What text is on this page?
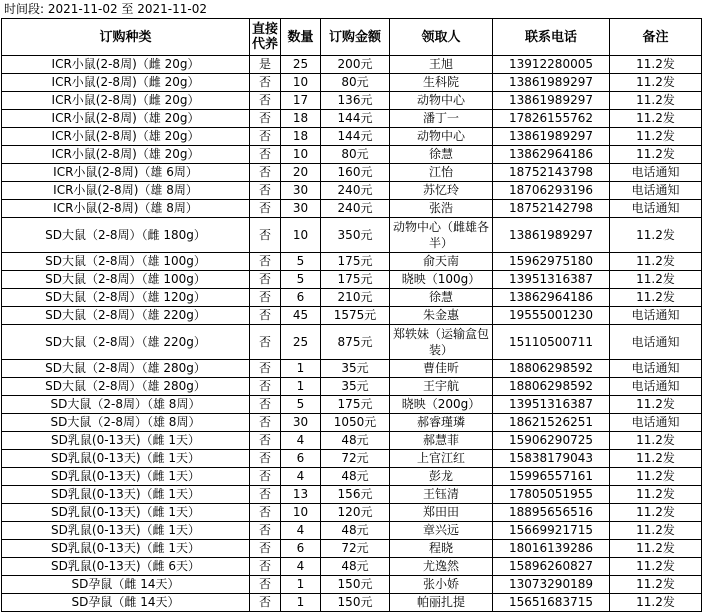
时间段: 2021-11-02 至 2021-11-02
订购种类	直接代养	数量	订购金额	领取人	联系电话	备注
ICR小鼠(2-8周)（雌 20g）	是	25	200元	王旭	13912280005	11.2发
ICR小鼠(2-8周)（雌 20g）	否	10	80元	生科院	13861989297	11.2发
ICR小鼠(2-8周)（雌 20g）	否	17	136元	动物中心	13861989297	11.2发
ICR小鼠(2-8周)（雄 20g）	否	18	144元	潘丁一	17826155762	11.2发
ICR小鼠(2-8周)（雄 20g）	否	18	144元	动物中心	13861989297	11.2发
ICR小鼠(2-8周)（雄 20g）	否	10	80元	徐慧	13862964186	11.2发
ICR小鼠(2-8周)（雄 6周）	否	20	160元	江怡	18752143798	电话通知
ICR小鼠(2-8周)（雄 8周）	否	30	240元	苏忆玲	18706293196	电话通知
ICR小鼠(2-8周)（雄 8周）	否	30	240元	张浩	18752142798	电话通知
SD大鼠（2-8周）（雌 180g）	否	10	350元	动物中心（雌雄各半）	13861989297	11.2发
SD大鼠（2-8周）（雄 100g）	否	5	175元	俞天南	15962975180	11.2发
SD大鼠（2-8周）（雄 100g）	否	5	175元	晓映（100g）	13951316387	11.2发
SD大鼠（2-8周）（雄 120g）	否	6	210元	徐慧	13862964186	11.2发
SD大鼠（2-8周）（雄 220g）	否	45	1575元	朱金惠	19555001230	电话通知
SD大鼠（2-8周）（雄 220g）	否	25	875元	郑轶妹（运输盒包装）	15110500711	电话通知
SD大鼠（2-8周）（雄 280g）	否	1	35元	曹佳昕	18806298592	电话通知
SD大鼠（2-8周）（雄 280g）	否	1	35元	王宇航	18806298592	电话通知
SD大鼠（2-8周）（雄 8周）	否	5	175元	晓映（200g）	13951316387	11.2发
SD大鼠（2-8周）（雄 8周）	否	30	1050元	郝睿瑾璘	18621526251	电话通知
SD乳鼠(0-13天)（雌 1天）	否	4	48元	郝慧菲	15906290725	11.2发
SD乳鼠(0-13天)（雌 1天）	否	6	72元	上官江红	15838179043	11.2发
SD乳鼠(0-13天)（雌 1天）	否	4	48元	彭龙	15996557161	11.2发
SD乳鼠(0-13天)（雌 1天）	否	13	156元	王钰清	17805051955	11.2发
SD乳鼠(0-13天)（雌 1天）	否	10	120元	郑田田	18895656516	11.2发
SD乳鼠(0-13天)（雌 1天）	否	4	48元	章兴远	15669921715	11.2发
SD乳鼠(0-13天)（雌 1天）	否	6	72元	程晓	18016139286	11.2发
SD乳鼠(0-13天)（雌 6天）	否	4	48元	尤逸然	15896260827	11.2发
SD孕鼠（雌 14天）	否	1	150元	张小娇	13073290189	11.2发
SD孕鼠（雌 14天）	否	1	150元	帕丽扎提	15651683715	11.2发
